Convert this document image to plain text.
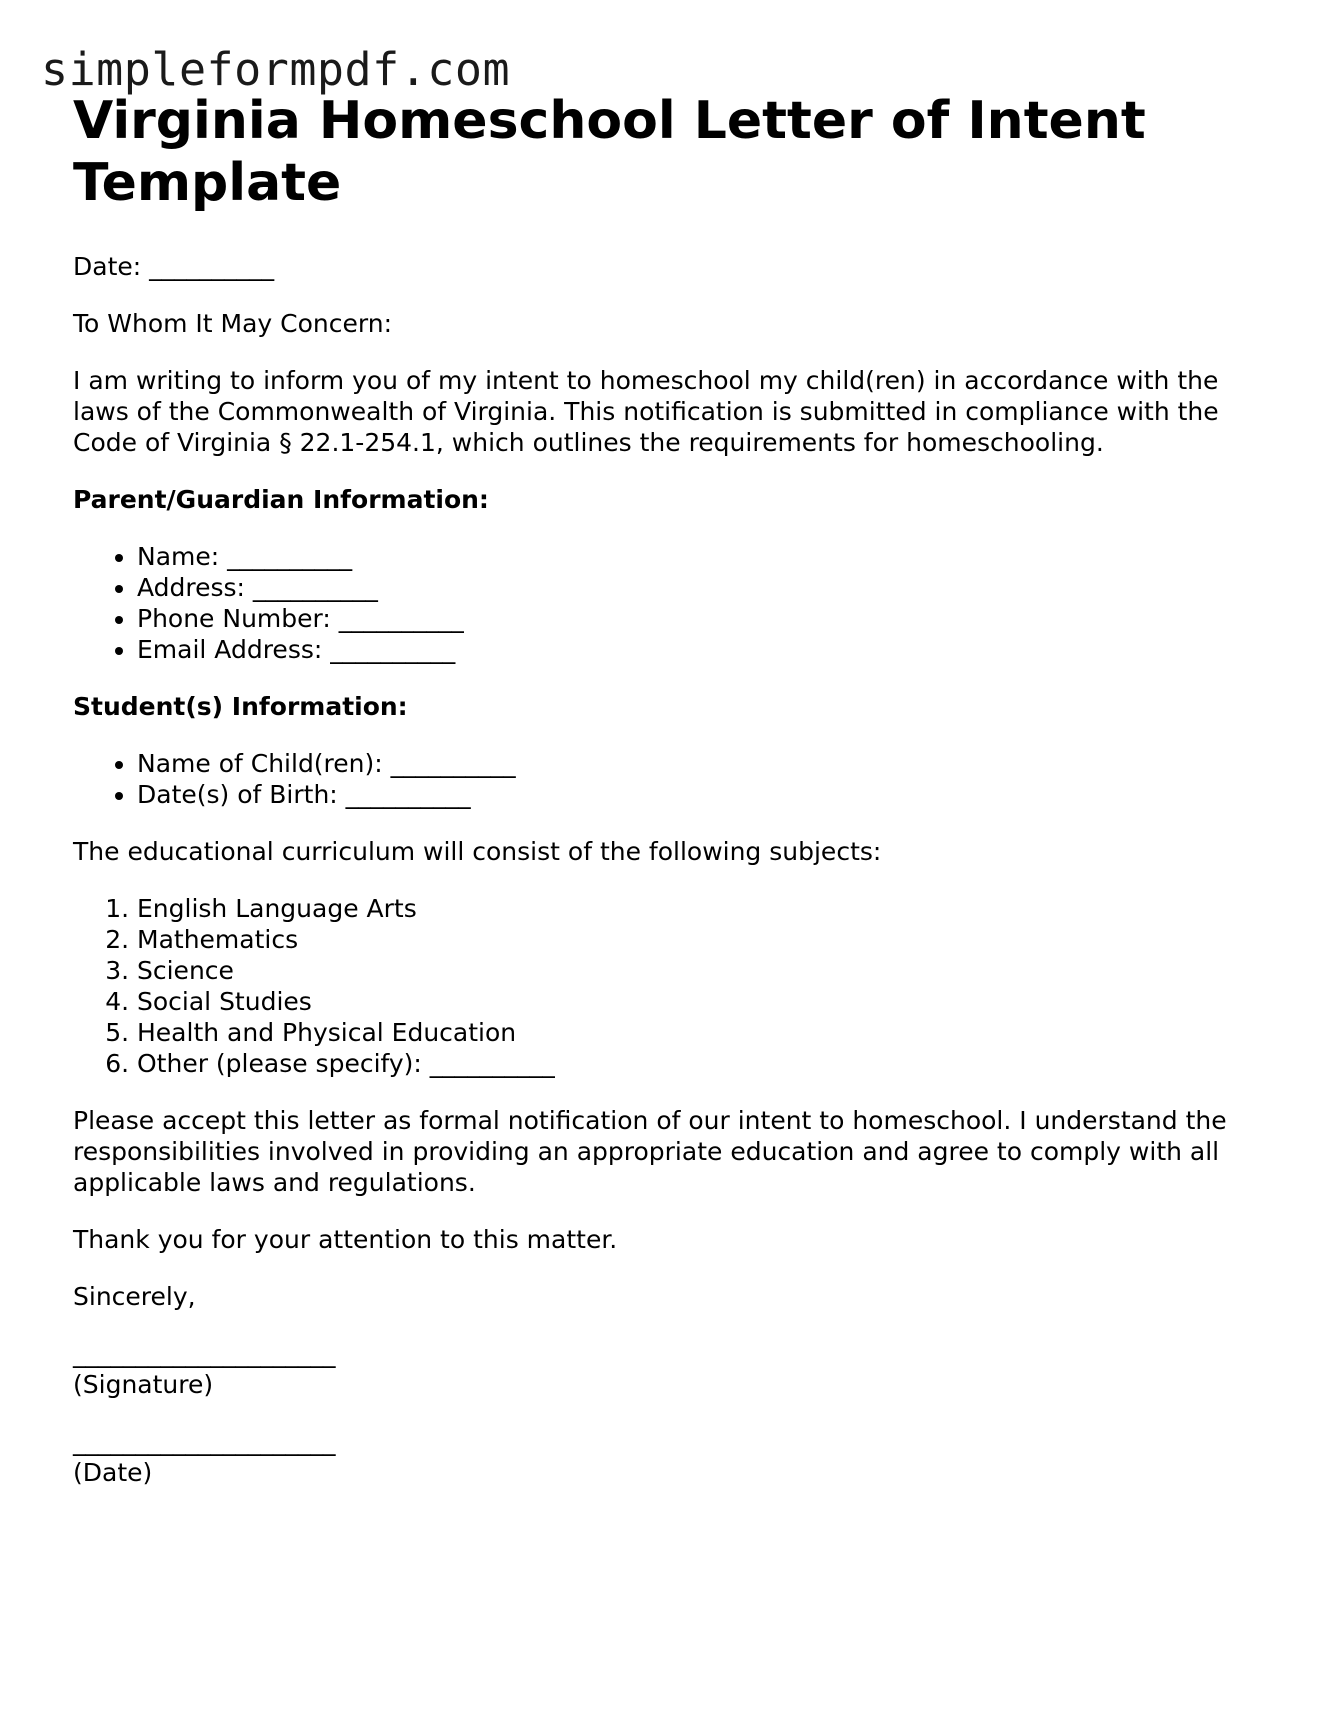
simpleformpdf.com
Virginia Homeschool Letter of Intent Template

Date: __________

To Whom It May Concern:

I am writing to inform you of my intent to homeschool my child(ren) in accordance with the laws of the Commonwealth of Virginia. This notification is submitted in compliance with the Code of Virginia § 22.1-254.1, which outlines the requirements for homeschooling.

Parent/Guardian Information:

• Name: __________
• Address: __________
• Phone Number: __________
• Email Address: __________

Student(s) Information:

• Name of Child(ren): __________
• Date(s) of Birth: __________

The educational curriculum will consist of the following subjects:

1. English Language Arts
2. Mathematics
3. Science
4. Social Studies
5. Health and Physical Education
6. Other (please specify): __________

Please accept this letter as formal notification of our intent to homeschool. I understand the responsibilities involved in providing an appropriate education and agree to comply with all applicable laws and regulations.

Thank you for your attention to this matter.

Sincerely,

_____________________

(Signature)

_____________________

(Date)
